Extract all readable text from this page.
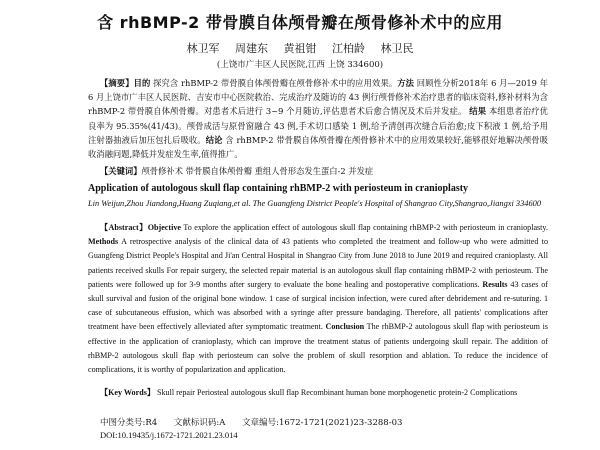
含 rhBMP-2 带骨膜自体颅骨瓣在颅骨修补术中的应用
林卫军 周建东 黄祖钳 江柏龄 林卫民
(上饶市广丰区人民医院,江西 上饶 334600)
【摘要】目的 探究含 rhBMP-2 带骨膜自体颅骨瓣在颅骨修补术中的应用效果。方法 回顾性分析2018年 6 月—2019 年 6 月上饶市广丰区人民医院、吉安市中心医院救治、完成治疗及随访的 43 例行颅骨修补术治疗患者的临床资料,修补材料为含 rhBMP-2 带骨膜自体颅骨瓣。对患者术后进行 3~9 个月随访,评估患者术后愈合情况及术后并发症。 结果 本组患者治疗优良率为 95.35%(41/43)。颅骨成活与原骨窗融合 43 例,手术切口感染 1 例,给予清创再次缝合后治愈;皮下积液 1 例,给予用注射器抽液后加压包扎后吸收。结论 含 rhBMP-2 带骨膜自体颅骨瓣在颅骨修补术中的应用效果较好,能够很好地解决颅骨吸收消融问题,降低并发症发生率,值得推广。
【关键词】颅骨修补术 带骨膜自体颅骨瓣 重组人骨形态发生蛋白-2 并发症
Application of autologous skull flap containing rhBMP-2 with periosteum in cranioplasty
Lin Weijun,Zhou Jiandong,Huang Zuqiang,et al. The Guangfeng District People's Hospital of Shangrao City,Shangrao,Jiangxi 334600
【Abstract】Objective To explore the application effect of autologous skull flap containing rhBMP-2 with periosteum in cranioplasty. Methods A retrospective analysis of the clinical data of 43 patients who completed the treatment and follow-up who were admitted to Guangfeng District People's Hospital and Ji'an Central Hospital in Shangrao City from June 2018 to June 2019 and required cranioplasty. All patients received skulls For repair surgery, the selected repair material is an autologous skull flap containing rhBMP-2 with periosteum. The patients were followed up for 3-9 months after surgery to evaluate the bone healing and postoperative complications. Results 43 cases of skull survival and fusion of the original bone window. 1 case of surgical incision infection, were cured after debridement and re-suturing. 1 case of subcutaneous effusion, which was absorbed with a syringe after pressure bandaging. Therefore, all patients' complications after treatment have been effectively alleviated after symptomatic treatment. Conclusion The rhBMP-2 autologous skull flap with periosteum is effective in the application of cranioplasty, which can improve the treatment status of patients undergoing skull repair. The addition of rhBMP-2 autologous skull flap with periosteum can solve the problem of skull resorption and ablation. To reduce the incidence of complications, it is worthy of popularization and application.
【Key Words】 Skull repair Periosteal autologous skull flap Recombinant human bone morphogenetic protein-2 Complications
中图分类号:R4 文献标识码:A 文章编号:1672-1721(2021)23-3288-03
DOI:10.19435/j.1672-1721.2021.23.014
